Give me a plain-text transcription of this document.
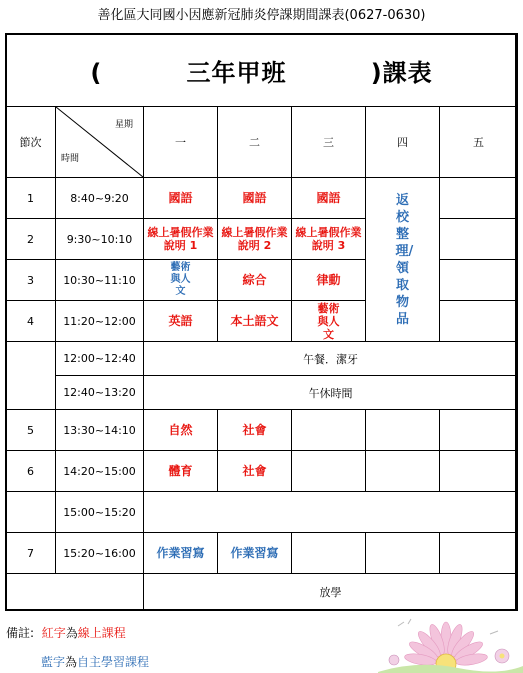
善化區大同國小因應新冠肺炎停課期間課表(0627-0630)
(         三年甲班         )課表						
節次	星期
時間	一	二	三	四	五
1	8:40~9:20	國語	國語	國語	返校整理/領取物品	

2	9:30~10:10	線上暑假作業說明 1	線上暑假作業說明 2	線上暑假作業說明 3		

3	10:30~11:10	藝術與人文	綜合	律動		
4	11:20~12:00	英語	本土語文	藝術與人文		

	12:00~12:40	午餐．潔牙				
	12:40~13:20	午休時間				
5	13:30~14:10	自然	社會			
6	14:20~15:00	體育	社會			
	15:00~15:20					
7	15:20~16:00	作業習寫	作業習寫			
		放學				
備註: 紅字為線上課程
藍字為自主學習課程
